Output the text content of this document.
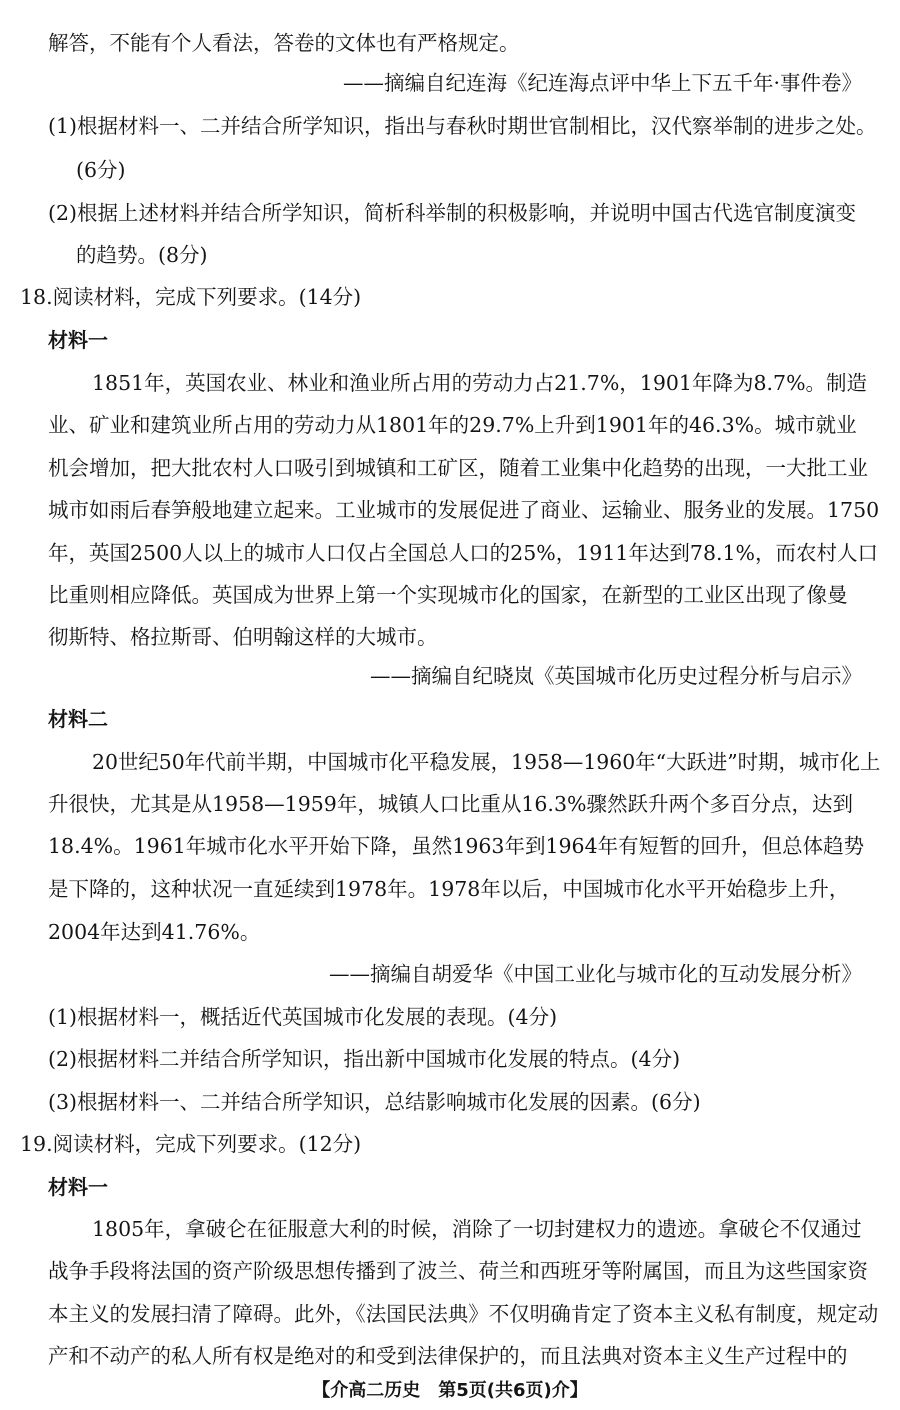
解答，不能有个人看法，答卷的文体也有严格规定。
——摘编自纪连海《纪连海点评中华上下五千年·事件卷》
(1)根据材料一、二并结合所学知识，指出与春秋时期世官制相比，汉代察举制的进步之处。
(6分)
(2)根据上述材料并结合所学知识，简析科举制的积极影响，并说明中国古代选官制度演变
的趋势。(8分)
18.阅读材料，完成下列要求。(14分)
材料一
1851年，英国农业、林业和渔业所占用的劳动力占21.7%，1901年降为8.7%。制造
业、矿业和建筑业所占用的劳动力从1801年的29.7%上升到1901年的46.3%。城市就业
机会增加，把大批农村人口吸引到城镇和工矿区，随着工业集中化趋势的出现，一大批工业
城市如雨后春笋般地建立起来。工业城市的发展促进了商业、运输业、服务业的发展。1750
年，英国2500人以上的城市人口仅占全国总人口的25%，1911年达到78.1%，而农村人口
比重则相应降低。英国成为世界上第一个实现城市化的国家，在新型的工业区出现了像曼
彻斯特、格拉斯哥、伯明翰这样的大城市。
——摘编自纪晓岚《英国城市化历史过程分析与启示》
材料二
20世纪50年代前半期，中国城市化平稳发展，1958—1960年“大跃进”时期，城市化上
升很快，尤其是从1958—1959年，城镇人口比重从16.3%骤然跃升两个多百分点，达到
18.4%。1961年城市化水平开始下降，虽然1963年到1964年有短暂的回升，但总体趋势
是下降的，这种状况一直延续到1978年。1978年以后，中国城市化水平开始稳步上升，
2004年达到41.76%。
——摘编自胡爱华《中国工业化与城市化的互动发展分析》
(1)根据材料一，概括近代英国城市化发展的表现。(4分)
(2)根据材料二并结合所学知识，指出新中国城市化发展的特点。(4分)
(3)根据材料一、二并结合所学知识，总结影响城市化发展的因素。(6分)
19.阅读材料，完成下列要求。(12分)
材料一
1805年，拿破仑在征服意大利的时候，消除了一切封建权力的遗迹。拿破仑不仅通过
战争手段将法国的资产阶级思想传播到了波兰、荷兰和西班牙等附属国，而且为这些国家资
本主义的发展扫清了障碍。此外，《法国民法典》不仅明确肯定了资本主义私有制度，规定动
产和不动产的私人所有权是绝对的和受到法律保护的，而且法典对资本主义生产过程中的
【介高二历史　第5页(共6页)介】
